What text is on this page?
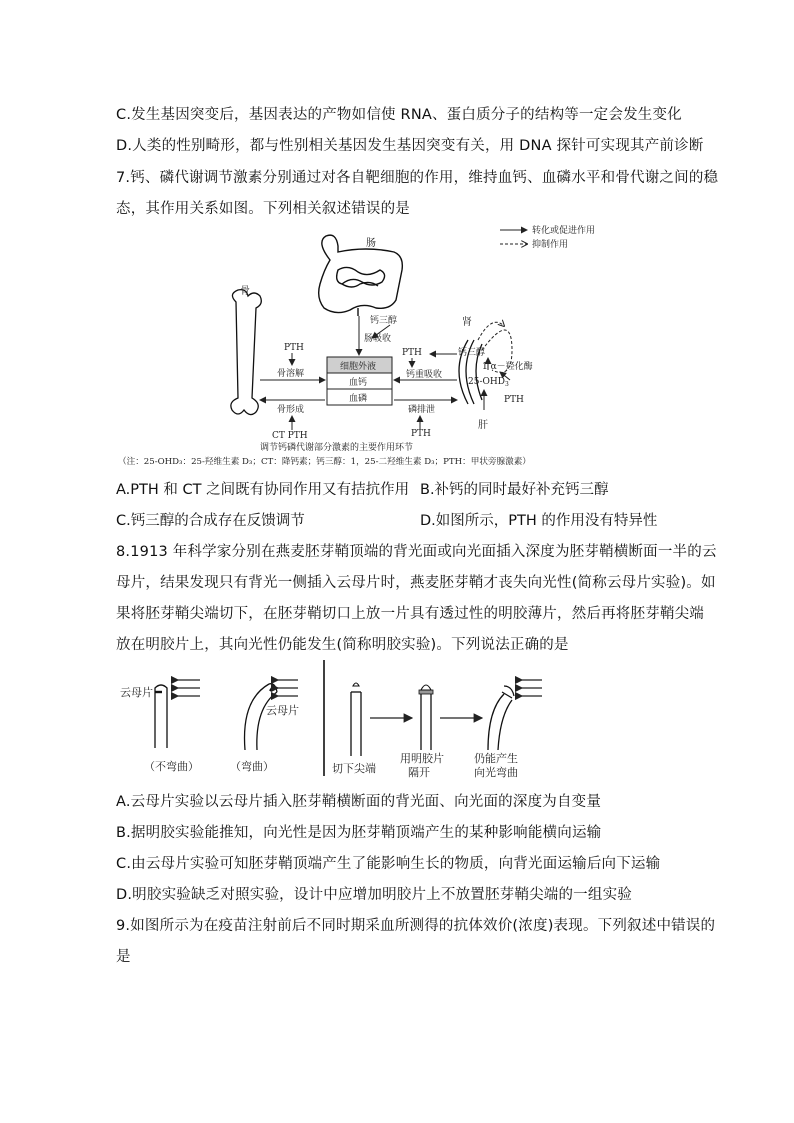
C.发生基因突变后，基因表达的产物如信使 RNA、蛋白质分子的结构等一定会发生变化
D.人类的性别畸形，都与性别相关基因发生基因突变有关，用 DNA 探针可实现其产前诊断
7.钙、磷代谢调节激素分别通过对各自靶细胞的作用，维持血钙、血磷水平和骨代谢之间的稳
态，其作用关系如图。下列相关叙述错误的是
转化或促进作用
抑制作用
肠
肠吸收
钙三醇
骨
PTH
骨溶解
细胞外液
血钙
血磷
骨形成
CT PTH
PTH
钙重吸收
磷排泄
PTH
肾
钙三醇
1 α－羟化酶
$25-OHD_3$
PTH
肝
调节钙磷代谢部分激素的主要作用环节
（注：25-OHD₃：25-羟维生素 D₃；CT：降钙素；钙三醇：1，25-二羟维生素 D₃；PTH：甲状旁腺激素）
A.PTH 和 CT 之间既有协同作用又有拮抗作用 B.补钙的同时最好补充钙三醇
C.钙三醇的合成存在反馈调节	D.如图所示，PTH 的作用没有特异性
8.1913 年科学家分别在燕麦胚芽鞘顶端的背光面或向光面插入深度为胚芽鞘横断面一半的云
母片，结果发现只有背光一侧插入云母片时，燕麦胚芽鞘才丧失向光性(简称云母片实验)。如
果将胚芽鞘尖端切下，在胚芽鞘切口上放一片具有透过性的明胶薄片，然后再将胚芽鞘尖端
放在明胶片上，其向光性仍能发生(简称明胶实验)。下列说法正确的是
云母片
（不弯曲）
云母片
（弯曲）	切下尖端
用明胶片
隔开
仍能产生
向光弯曲
A.云母片实验以云母片插入胚芽鞘横断面的背光面、向光面的深度为自变量
B.据明胶实验能推知，向光性是因为胚芽鞘顶端产生的某种影响能横向运输
C.由云母片实验可知胚芽鞘顶端产生了能影响生长的物质，向背光面运输后向下运输
D.明胶实验缺乏对照实验，设计中应增加明胶片上不放置胚芽鞘尖端的一组实验
9.如图所示为在疫苗注射前后不同时期采血所测得的抗体效价(浓度)表现。下列叙述中错误的
是
